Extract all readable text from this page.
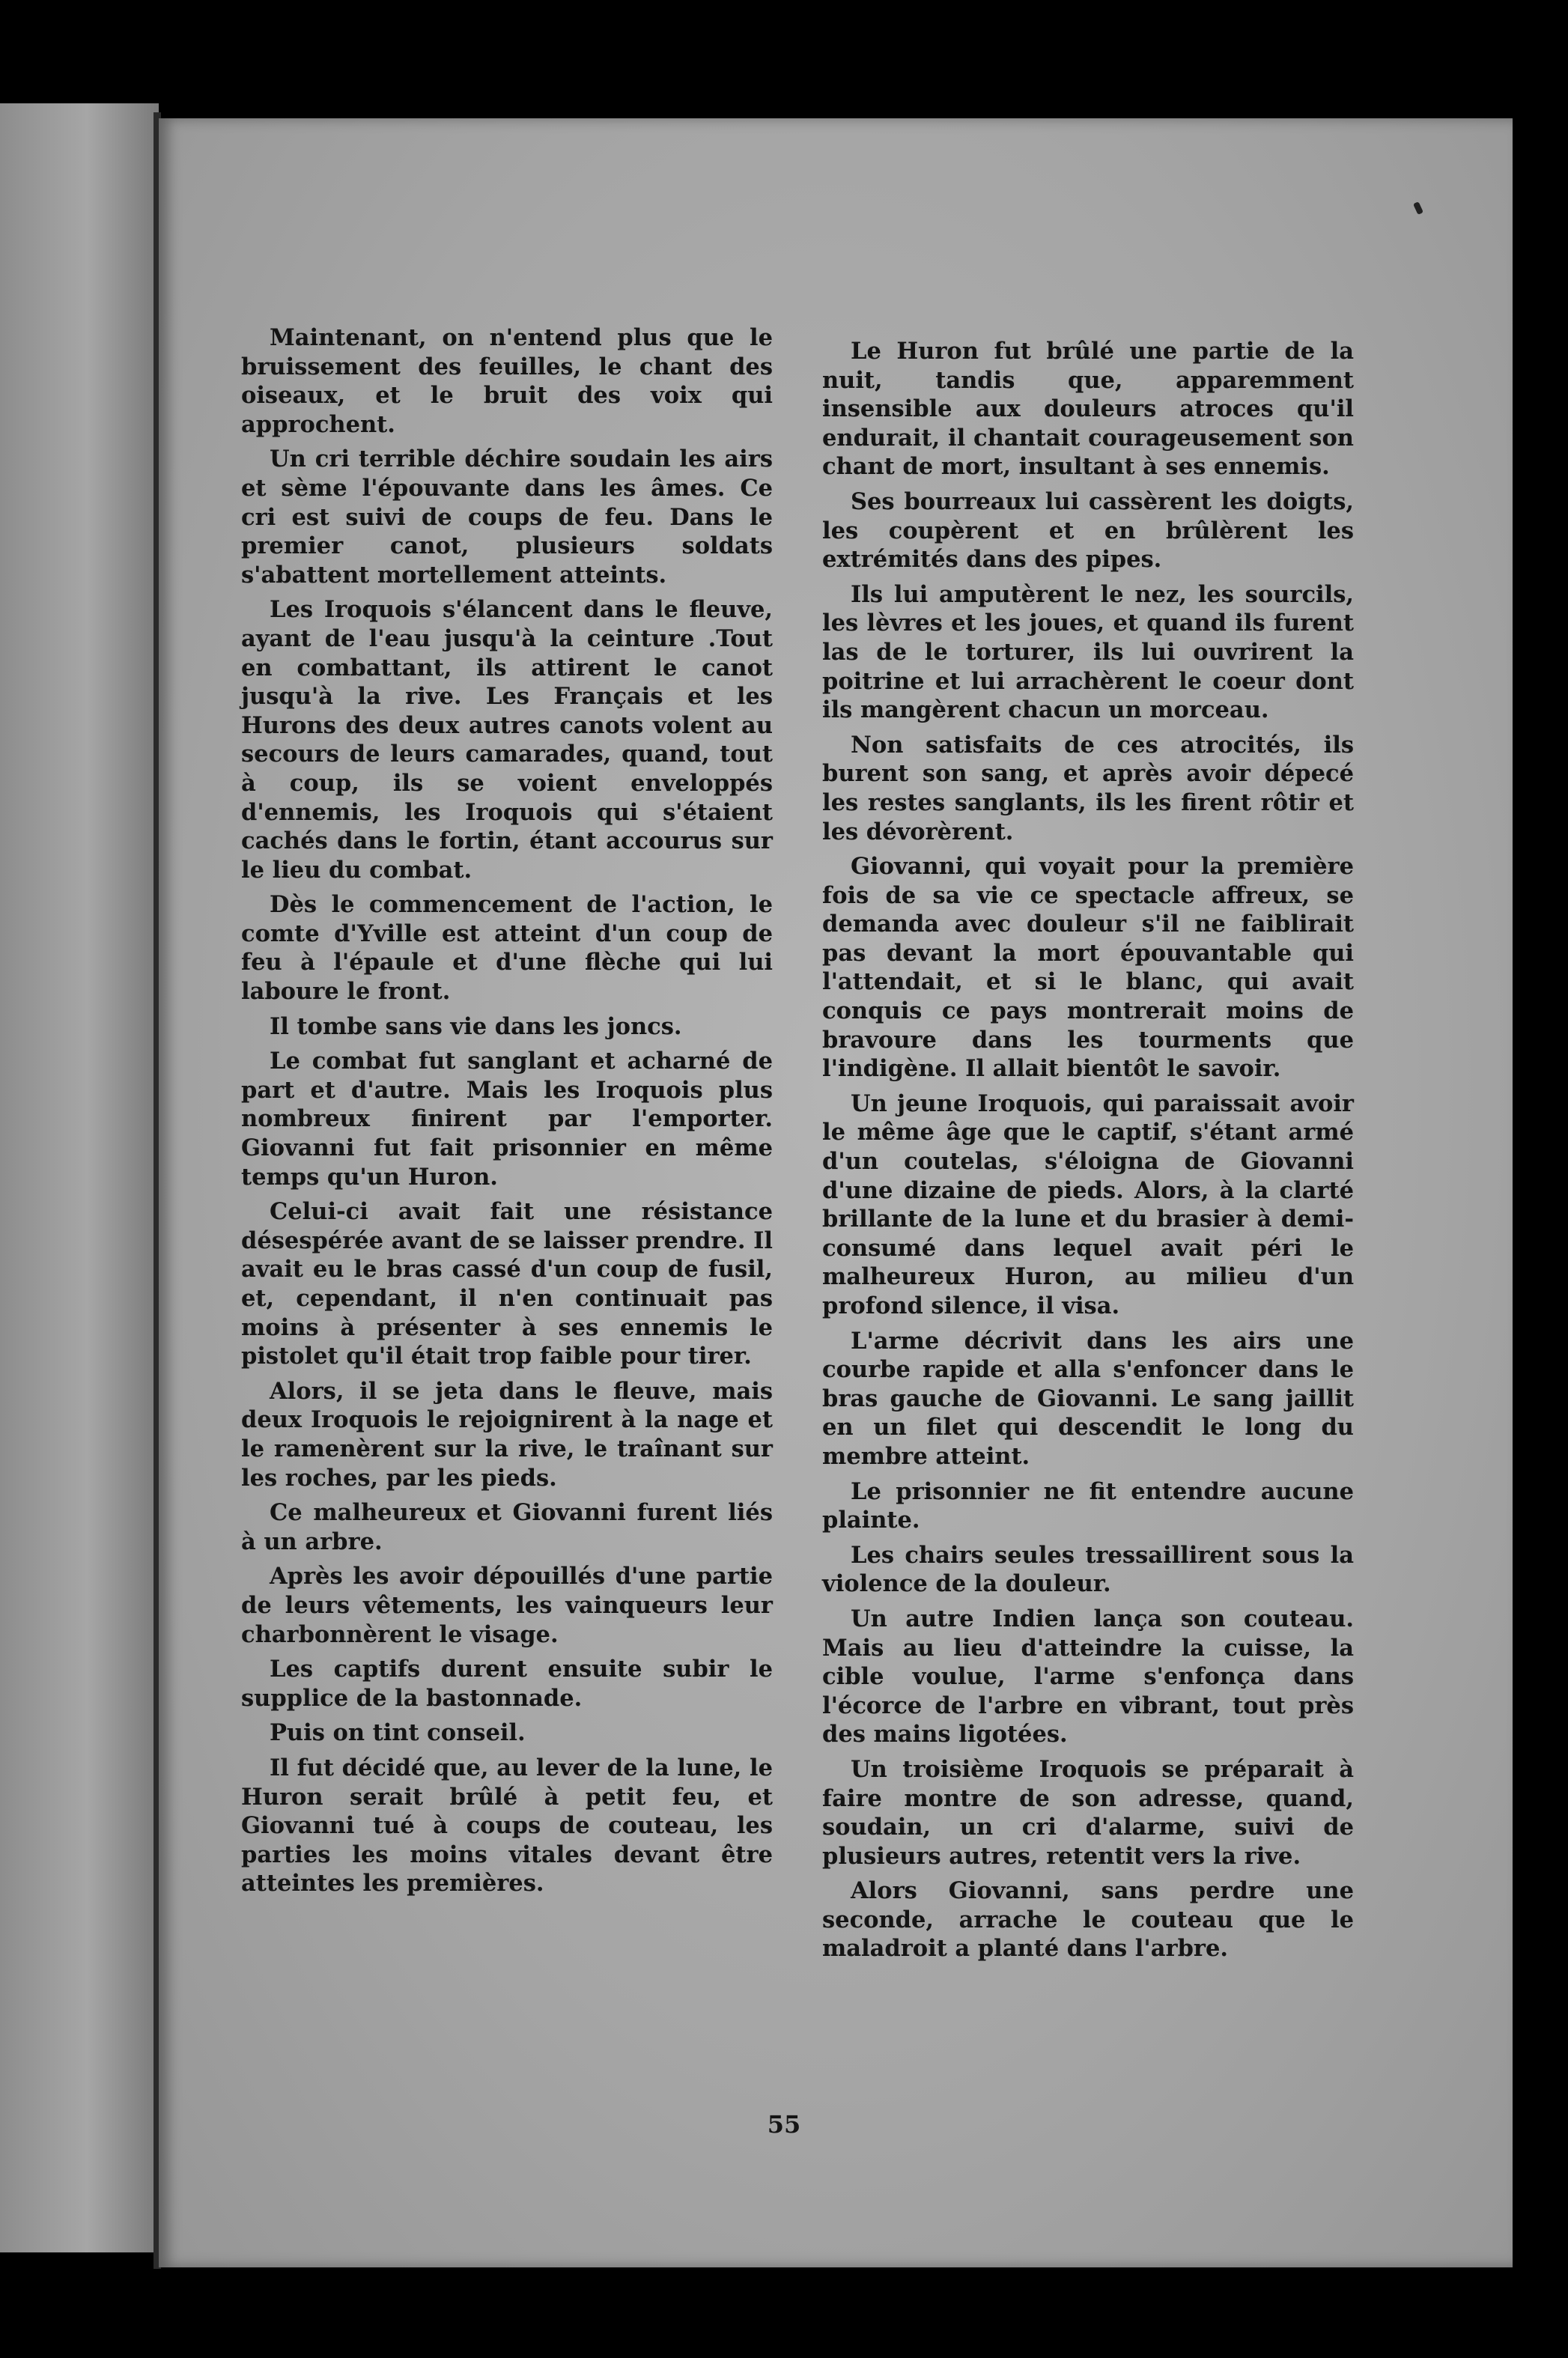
Maintenant, on n'entend plus que le bruissement des feuilles, le chant des oiseaux, et le bruit des voix qui approchent.

Un cri terrible déchire soudain les airs et sème l'épouvante dans les âmes. Ce cri est suivi de coups de feu. Dans le premier canot, plusieurs soldats s'abattent mortellement atteints.

Les Iroquois s'élancent dans le fleuve, ayant de l'eau jusqu'à la ceinture .Tout en combattant, ils attirent le canot jusqu'à la rive. Les Français et les Hurons des deux autres canots volent au secours de leurs camarades, quand, tout à coup, ils se voient enveloppés d'ennemis, les Iroquois qui s'étaient cachés dans le fortin, étant accourus sur le lieu du combat.

Dès le commencement de l'action, le comte d'Yville est atteint d'un coup de feu à l'épaule et d'une flèche qui lui laboure le front.

Il tombe sans vie dans les joncs.

Le combat fut sanglant et acharné de part et d'autre. Mais les Iroquois plus nombreux finirent par l'emporter. Giovanni fut fait prisonnier en même temps qu'un Huron.

Celui-ci avait fait une résistance désespérée avant de se laisser prendre. Il avait eu le bras cassé d'un coup de fusil, et, cependant, il n'en continuait pas moins à présenter à ses ennemis le pistolet qu'il était trop faible pour tirer.

Alors, il se jeta dans le fleuve, mais deux Iroquois le rejoignirent à la nage et le ramenèrent sur la rive, le traînant sur les roches, par les pieds.

Ce malheureux et Giovanni furent liés à un arbre.

Après les avoir dépouillés d'une partie de leurs vêtements, les vainqueurs leur charbonnèrent le visage.

Les captifs durent ensuite subir le supplice de la bastonnade.

Puis on tint conseil.

Il fut décidé que, au lever de la lune, le Huron serait brûlé à petit feu, et Giovanni tué à coups de couteau, les parties les moins vitales devant être atteintes les premières.

Le Huron fut brûlé une partie de la nuit, tandis que, apparemment insensible aux douleurs atroces qu'il endurait, il chantait courageusement son chant de mort, insultant à ses ennemis.

Ses bourreaux lui cassèrent les doigts, les coupèrent et en brûlèrent les extrémités dans des pipes.

Ils lui amputèrent le nez, les sourcils, les lèvres et les joues, et quand ils furent las de le torturer, ils lui ouvrirent la poitrine et lui arrachèrent le coeur dont ils mangèrent chacun un morceau.

Non satisfaits de ces atrocités, ils burent son sang, et après avoir dépecé les restes sanglants, ils les firent rôtir et les dévorèrent.

Giovanni, qui voyait pour la première fois de sa vie ce spectacle affreux, se demanda avec douleur s'il ne faiblirait pas devant la mort épouvantable qui l'attendait, et si le blanc, qui avait conquis ce pays montrerait moins de bravoure dans les tourments que l'indigène. Il allait bientôt le savoir.

Un jeune Iroquois, qui paraissait avoir le même âge que le captif, s'étant armé d'un coutelas, s'éloigna de Giovanni d'une dizaine de pieds. Alors, à la clarté brillante de la lune et du brasier à demi-consumé dans lequel avait péri le malheureux Huron, au milieu d'un profond silence, il visa.

L'arme décrivit dans les airs une courbe rapide et alla s'enfoncer dans le bras gauche de Giovanni. Le sang jaillit en un filet qui descendit le long du membre atteint.

Le prisonnier ne fit entendre aucune plainte.

Les chairs seules tressaillirent sous la violence de la douleur.

Un autre Indien lança son couteau. Mais au lieu d'atteindre la cuisse, la cible voulue, l'arme s'enfonça dans l'écorce de l'arbre en vibrant, tout près des mains ligotées.

Un troisième Iroquois se préparait à faire montre de son adresse, quand, soudain, un cri d'alarme, suivi de plusieurs autres, retentit vers la rive.

Alors Giovanni, sans perdre une seconde, arrache le couteau que le maladroit a planté dans l'arbre.

55
